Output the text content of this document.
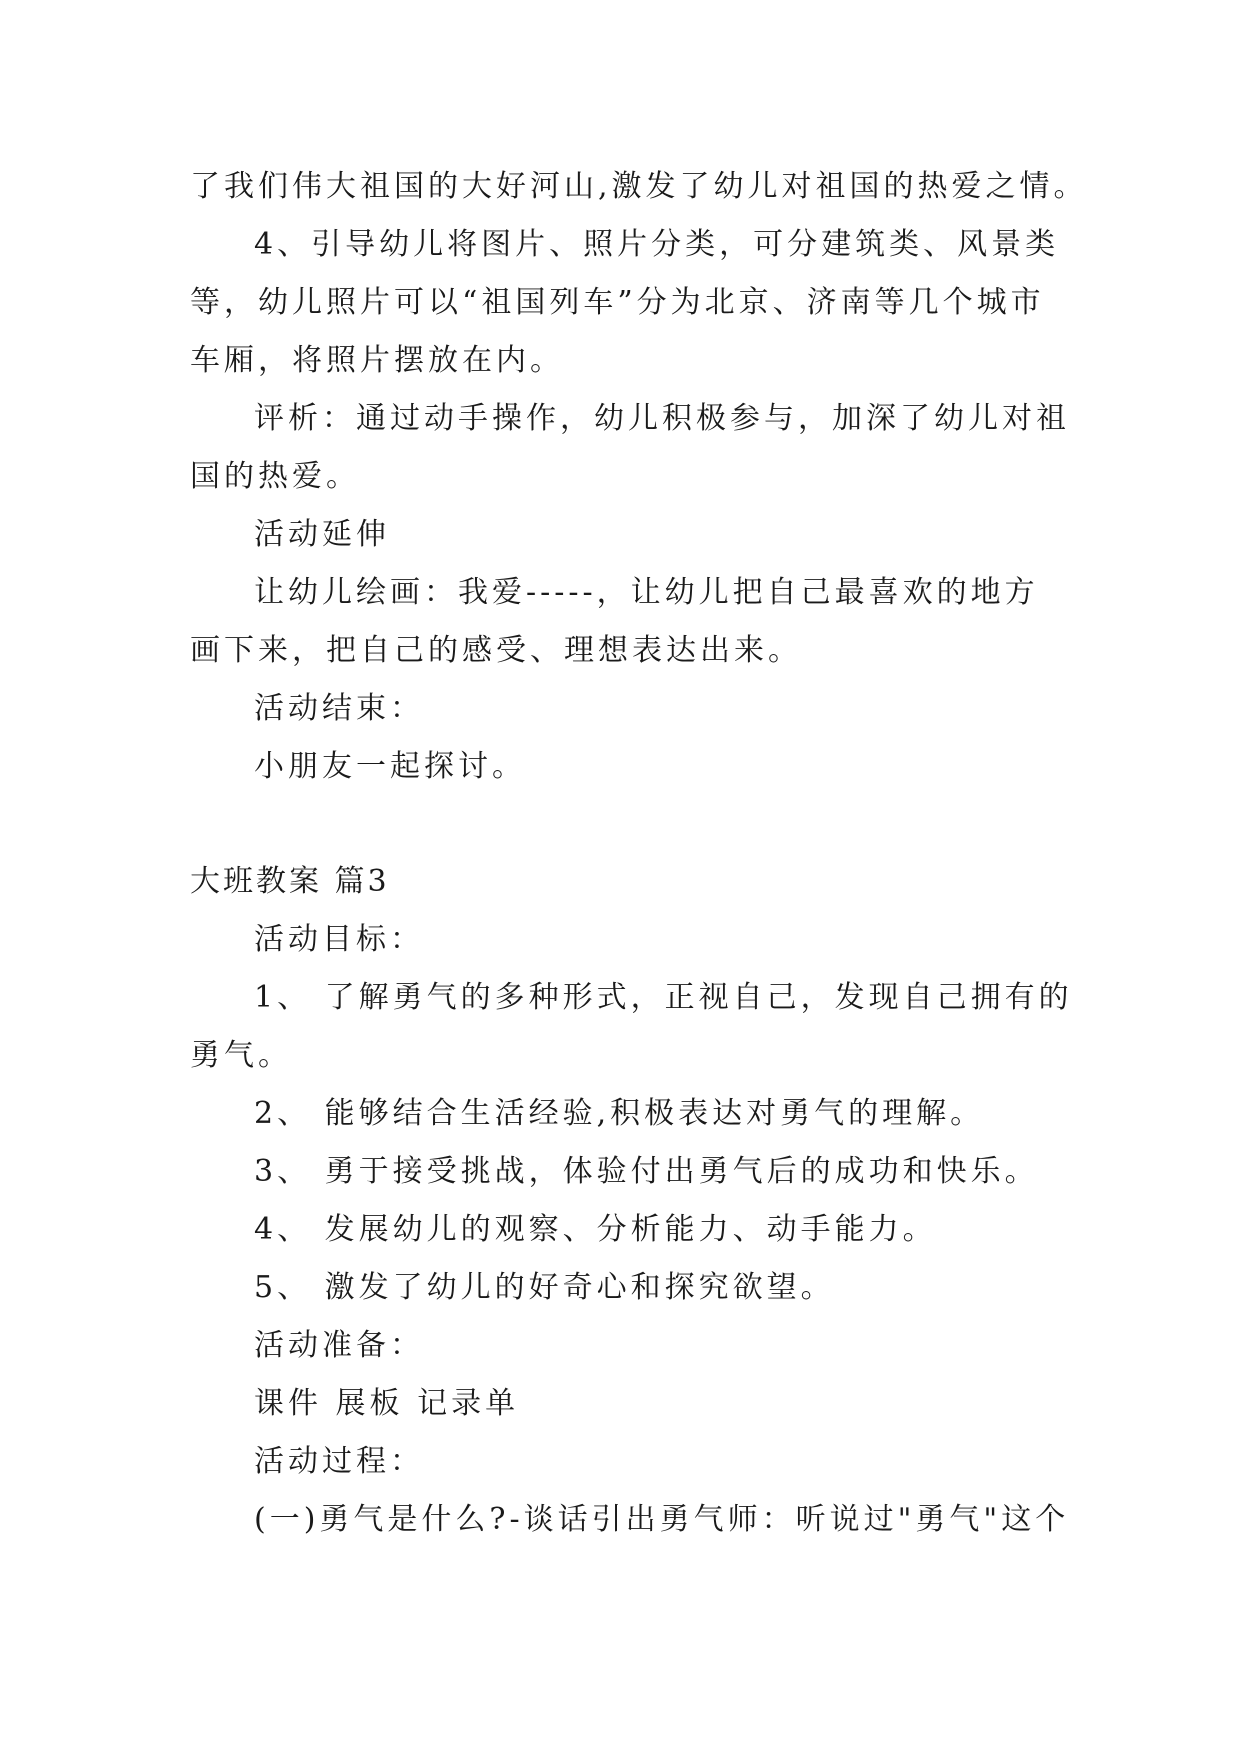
了我们伟大祖国的大好河山,激发了幼儿对祖国的热爱之情。
4、引导幼儿将图片、照片分类，可分建筑类、风景类
等，幼儿照片可以“祖国列车”分为北京、济南等几个城市
车厢，将照片摆放在内。
评析：通过动手操作，幼儿积极参与，加深了幼儿对祖
国的热爱。
活动延伸
让幼儿绘画：我爱-----，让幼儿把自己最喜欢的地方
画下来，把自己的感受、理想表达出来。
活动结束：
小朋友一起探讨。
大班教案 篇3
活动目标：
1、 了解勇气的多种形式，正视自己，发现自己拥有的
勇气。
2、 能够结合生活经验,积极表达对勇气的理解。
3、 勇于接受挑战，体验付出勇气后的成功和快乐。
4、 发展幼儿的观察、分析能力、动手能力。
5、 激发了幼儿的好奇心和探究欲望。
活动准备：
课件 展板 记录单
活动过程：
(一)勇气是什么?-谈话引出勇气师：听说过"勇气"这个
